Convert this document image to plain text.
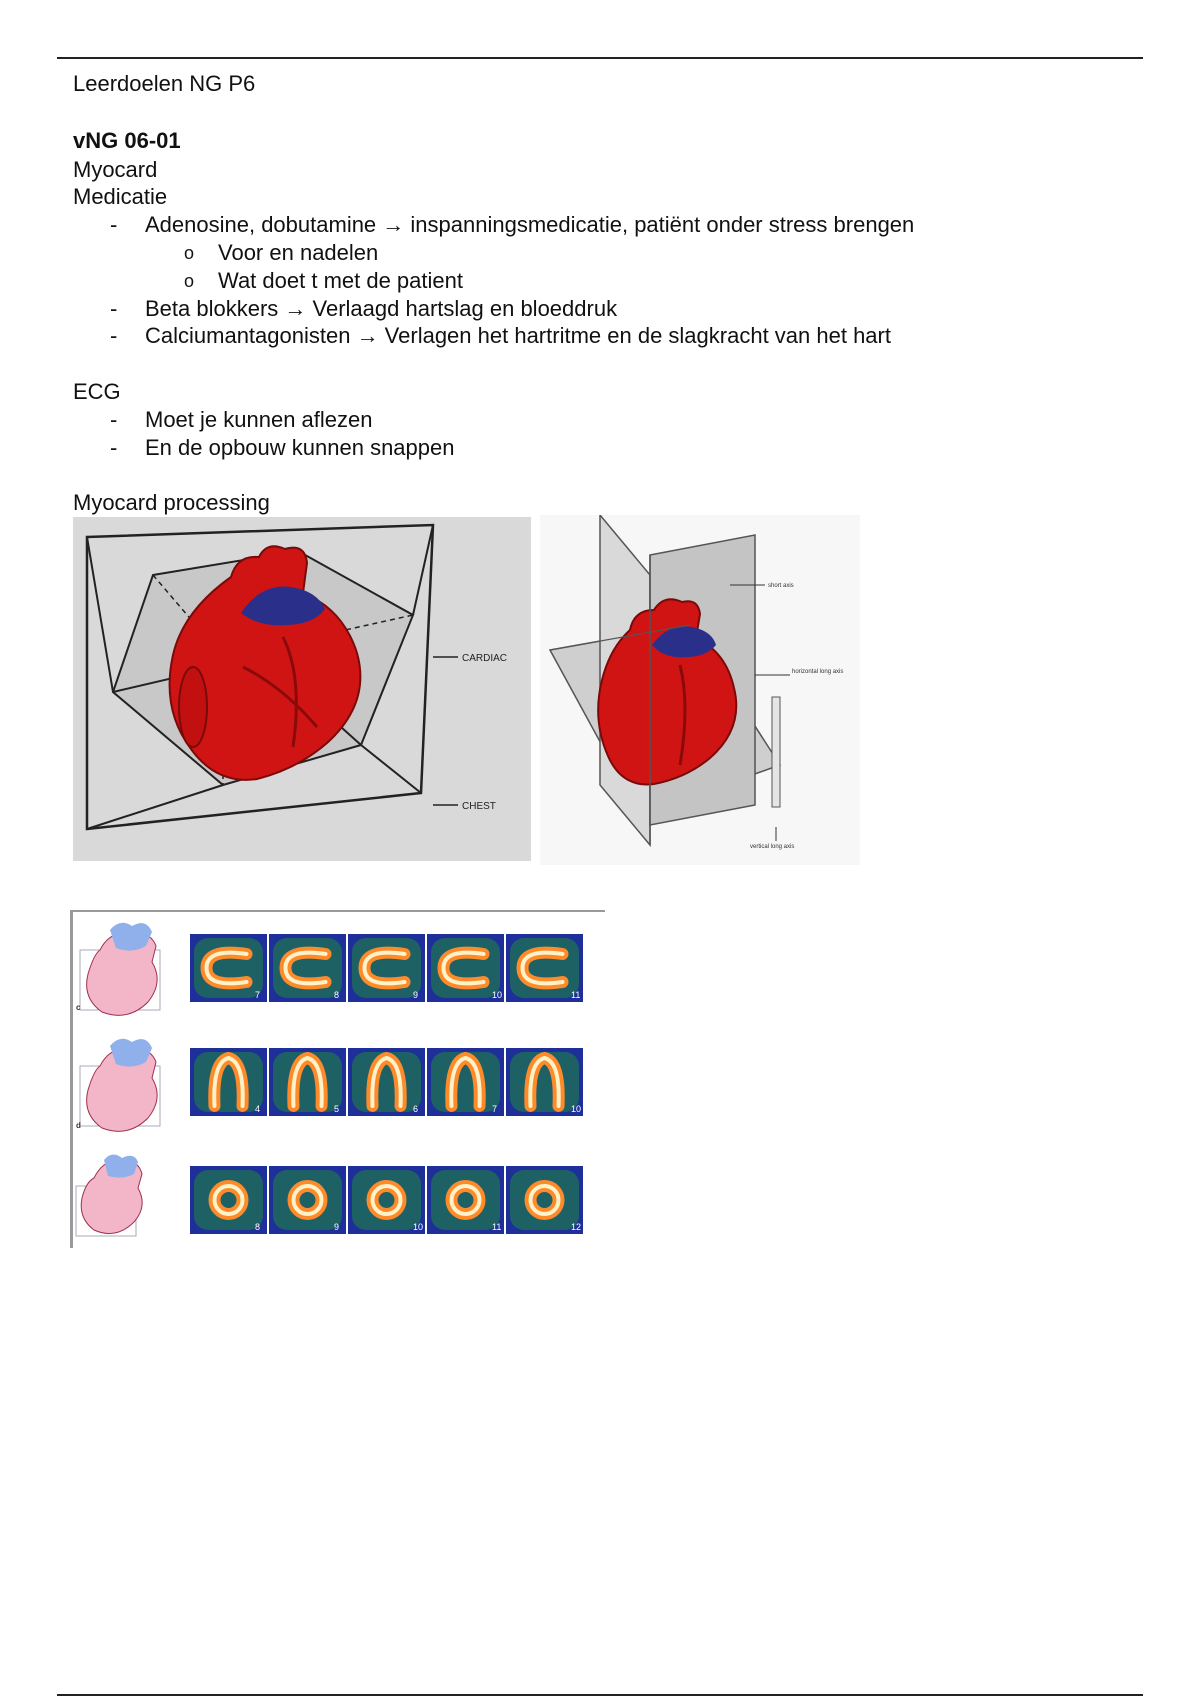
Leerdoelen NG P6
vNG 06-01
Myocard
Medicatie
- Adenosine, dobutamine → inspanningsmedicatie, patiënt onder stress brengen
o Voor en nadelen
o Wat doet t met de patient
- Beta blokkers → Verlaagd hartslag en bloeddruk
- Calciumantagonisten → Verlagen het hartritme en de slagkracht van het hart
ECG
- Moet je kunnen aflezen
- En de opbouw kunnen snappen
Myocard processing
CARDIAC
CHEST
short axis
horizontal long axis
vertical long axis
c
d
7	8	9	10	11
4	5	6	7	10
8	9	10	11	12
